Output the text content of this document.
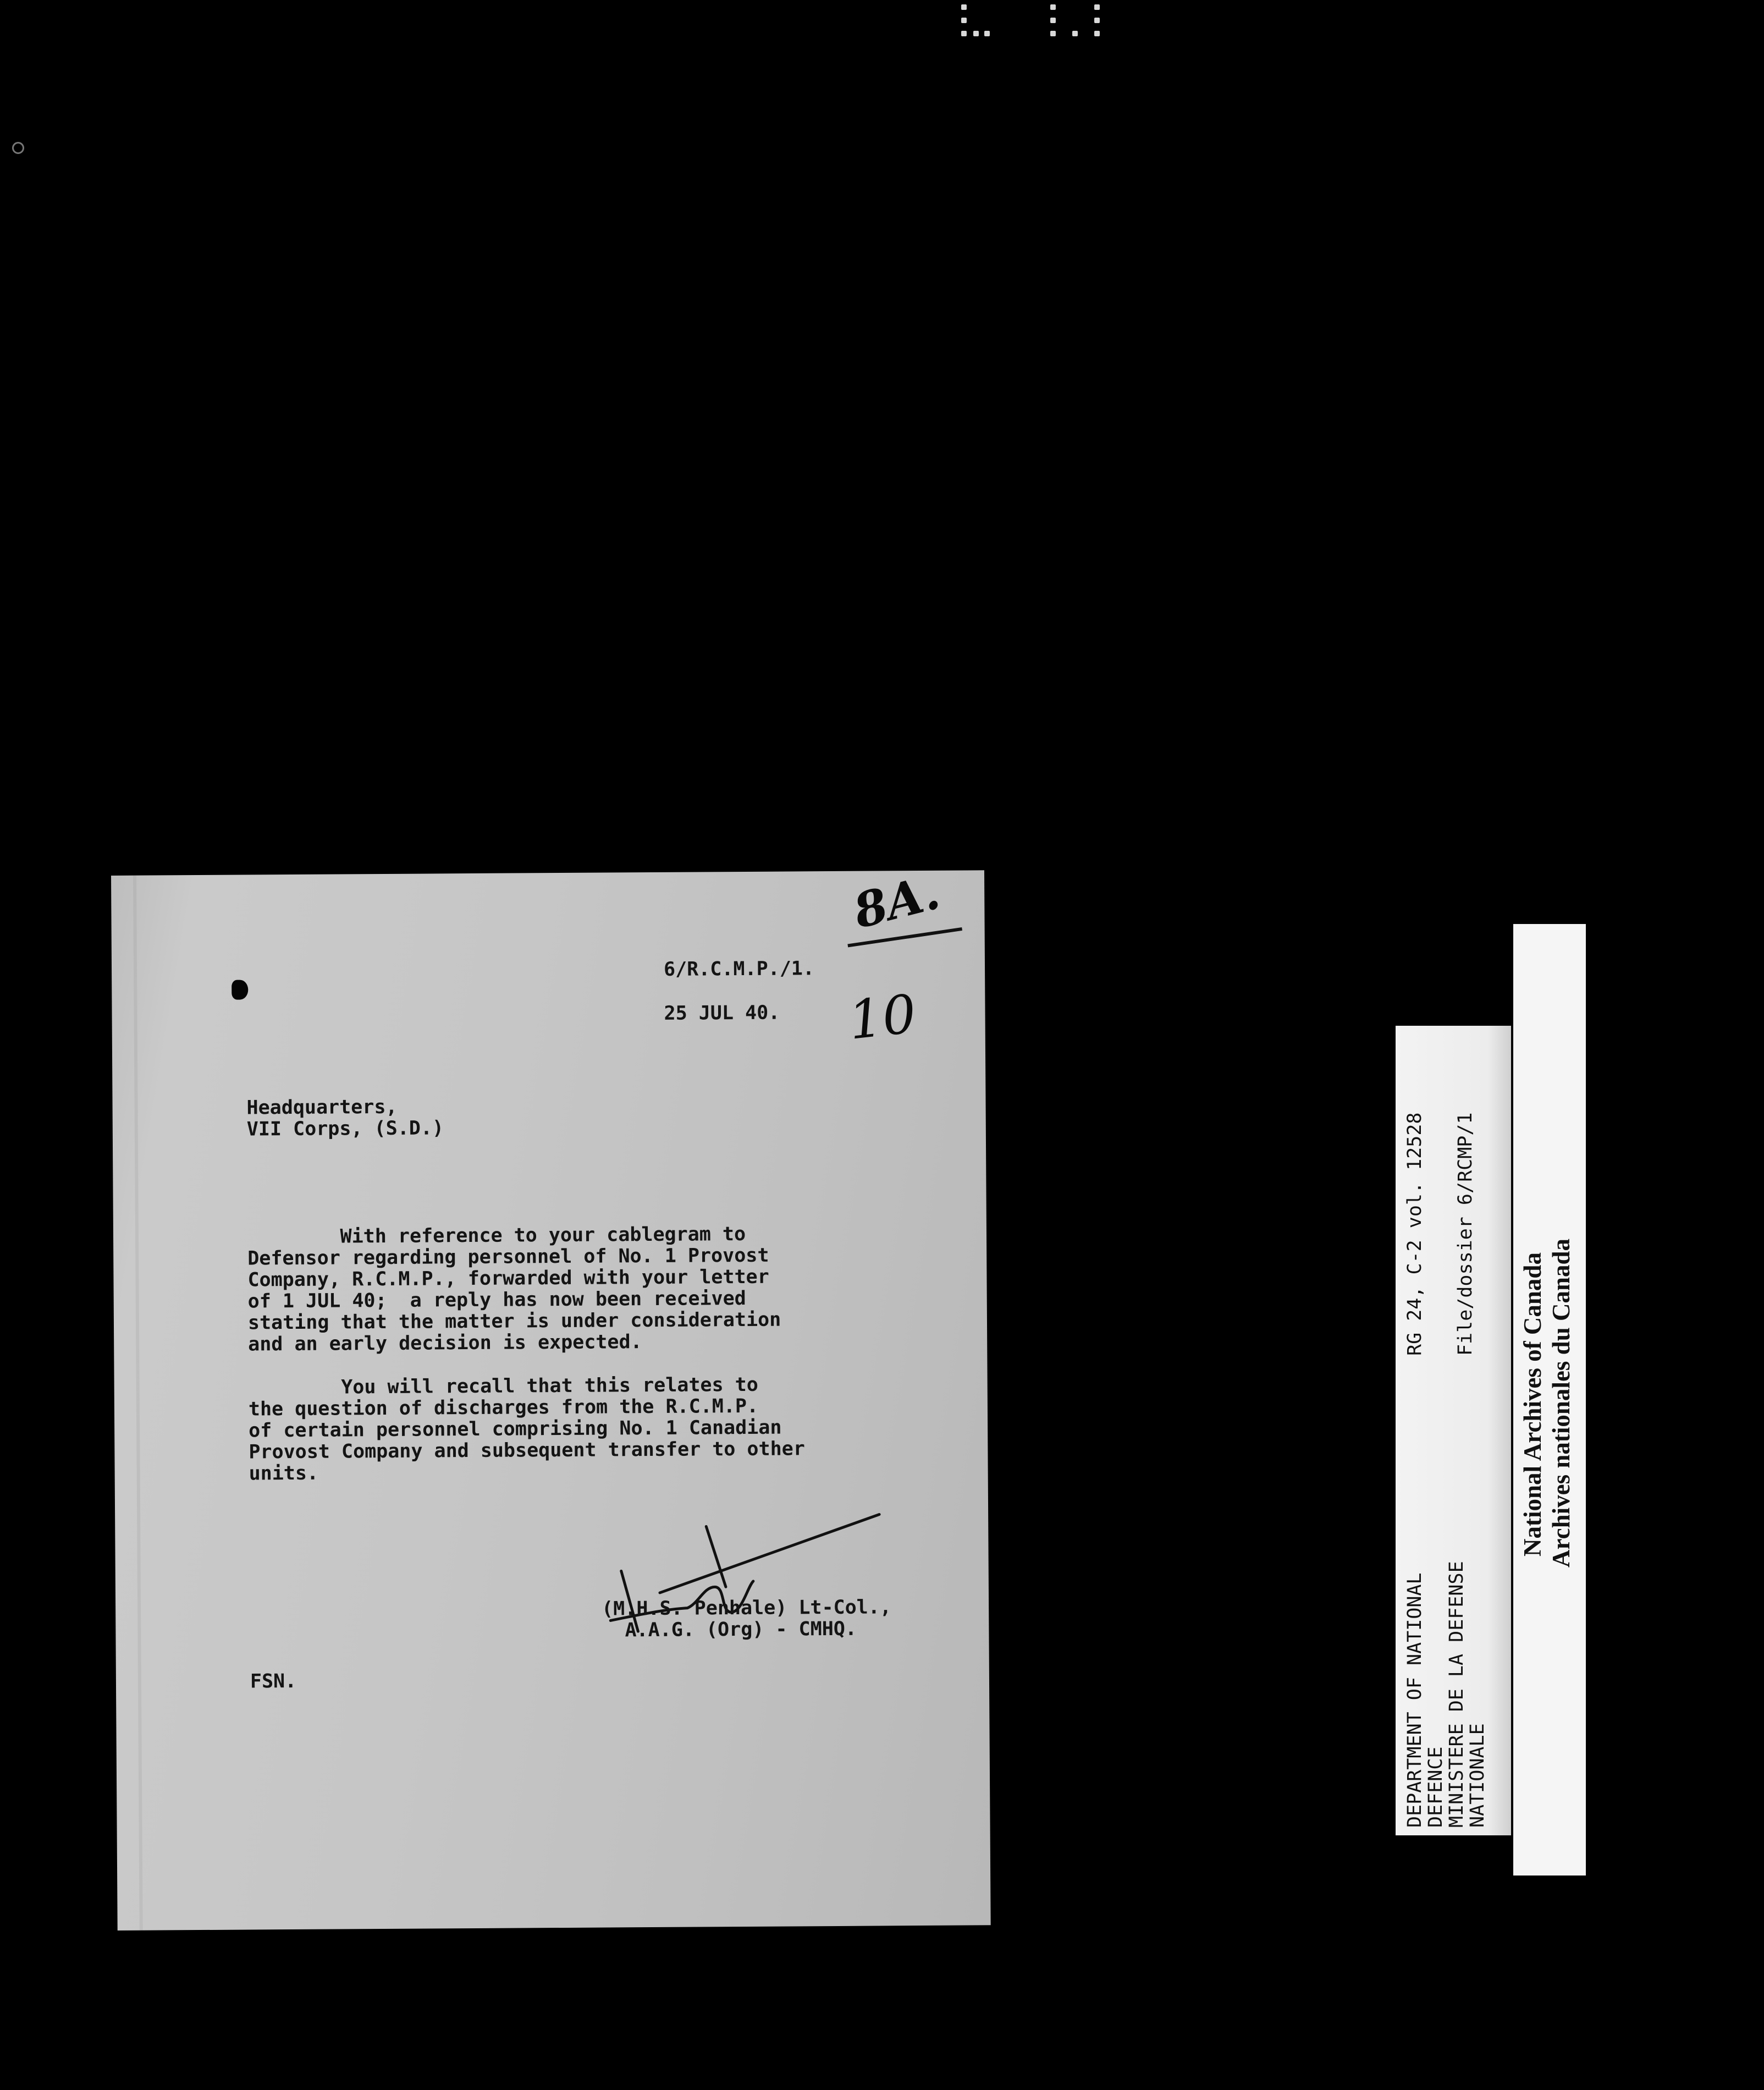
8A.
6/R.C.M.P./1.
25 JUL 40. 10
Headquarters,
VII Corps, (S.D.)
With reference to your cablegram to
Defensor regarding personnel of No. 1 Provost
Company, R.C.M.P., forwarded with your letter
of 1 JUL 40;  a reply has now been received
stating that the matter is under consideration
and an early decision is expected.
You will recall that this relates to
the question of discharges from the R.C.M.P.
of certain personnel comprising No. 1 Canadian
Provost Company and subsequent transfer to other
units.
(M.H.S. Penhale) Lt-Col.,
A.A.G. (Org) - CMHQ.
FSN.	DEPARTMENT OF NATIONAL
DEFENCE
MINISTERE DE LA DEFENSE
NATIONALE
RG 24, C-2 vol. 12528 File/dossier 6/RCMP/1
National Archives of Canada Archives nationales du Canada
